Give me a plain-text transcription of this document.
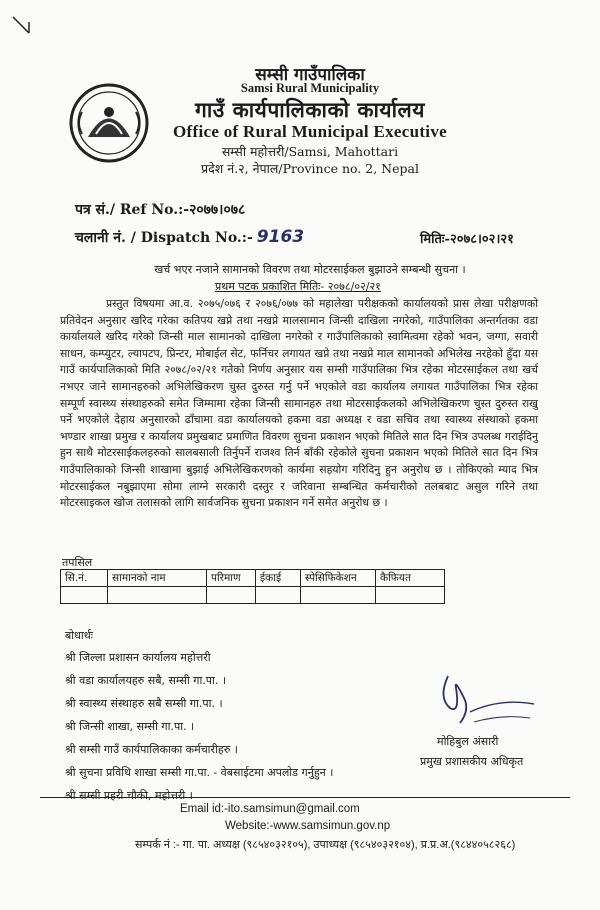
सम्सी गाउँपालिका
Samsi Rural Municipality
गाउँ कार्यपालिकाको कार्यालय
Office of Rural Municipal Executive
सम्सी महोत्तरी/Samsi, Mahottari
प्रदेश नं.२, नेपाल/Province no. 2, Nepal
पत्र सं./ Ref No.:-२०७७।०७८
चलानी नं. / Dispatch No.:- 9163	मितिः-२०७८।०२।२१
खर्च भएर नजाने सामानको विवरण तथा मोटरसाईकल बुझाउने सम्बन्धी सुचना ।
प्रथम पटक प्रकाशित मितिः- २०७८/०२/२१
प्रस्तुत विषयमा आ.व. २०७५/०७६ र २०७६/०७७ को महालेखा परीक्षकको कार्यालयको प्रास लेखा परीक्षणको प्रतिवेदन अनुसार खरिद गरेका कतिपय खप्ने तथा नखप्ने मालसामान जिन्सी दाखिला नगरेको, गाउँपालिका अन्तर्गतका वडा कार्यालयले खरिद गरेको जिन्सी माल सामानको दाखिला नगरेको र गाउँपालिकाको स्वामित्वमा रहेको भवन, जग्गा, सवारी साधन, कम्प्युटर, ल्यापटप, प्रिन्टर, मोबाईल सेट, फर्निचर लगायत खप्ने तथा नखप्ने माल सामानको अभिलेख नरहेको हुँदा यस गाउँ कार्यपालिकाको मिति २०७८/०२/२१ गतेको निर्णय अनुसार यस सम्सी गाउँपालिका भित्र रहेका मोटरसाईकल तथा खर्च नभएर जाने सामानहरुको अभिलेखिकरण चुस्त दुरुस्त गर्नु पर्ने भएकोले वडा कार्यालय लगायत गाउँपालिका भित्र रहेका सम्पूर्ण स्वास्थ्य संस्थाहरुको समेत जिम्मामा रहेका जिन्सी सामानहरु तथा मोटरसाईकलको अभिलेखिकरण चुस्त दुरुस्त राखु पर्ने भएकोले देहाय अनुसारको ढाँचामा वडा कार्यालयको हकमा वडा अध्यक्ष र वडा सचिव तथा स्वास्थ्य संस्थाको हकमा भण्डार शाखा प्रमुख र कार्यालय प्रमुखबाट प्रमाणित विवरण सुचना प्रकाशन भएको मितिले सात दिन भित्र उपलब्ध गराईदिनु हुन साथै मोटरसाईकलहरुको सालबसाली तिर्नुपर्ने राजश्व तिर्न बाँकी रहेकोले सुचना प्रकाशन भएको मितिले सात दिन भित्र गाउँपालिकाको जिन्सी शाखामा बुझाई अभिलेखिकरणको कार्यमा सहयोग गरिदिनु हुन अनुरोध छ । तोकिएको म्याद भित्र मोटरसाईकल नबुझाएमा सोमा लाग्ने सरकारी दस्तुर र जरिवाना सम्बन्धित कर्मचारीको तलबबाट असुल गरिने तथा मोटरसाइकल खोज तलासको लागि सार्वजनिक सुचना प्रकाशन गर्ने समेत अनुरोध छ ।
तपसिल
सि.नं.	सामानको नाम	परिमाण	ईकाई	स्पेसिफिकेशन	कैफियत

बोधार्थः
श्री जिल्ला प्रशासन कार्यालय महोत्तरी
श्री वडा कार्यालयहरु सबै, सम्सी गा.पा. ।
श्री स्वास्थ्य संस्थाहरु सबै सम्सी गा.पा. ।
श्री जिन्सी शाखा, सम्सी गा.पा. ।
श्री सम्सी गाउँ कार्यपालिकाका कर्मचारीहरु ।
श्री सुचना प्रविधि शाखा सम्सी गा.पा. - वेबसाईटमा अपलोड गर्नुहुन ।
श्री सम्सी प्रहरी चौकी, महोत्तरी ।
मोहिबुल अंसारी
प्रमुख प्रशासकीय अधिकृत
Email id:-ito.samsimun@gmail.com
Website:-www.samsimun.gov.np
सम्पर्क नं :- गा. पा. अध्यक्ष (९८५४०३२१०५), उपाध्यक्ष (९८५४०३२१०४), प्र.प्र.अ.(९८४४०५८२६८)
